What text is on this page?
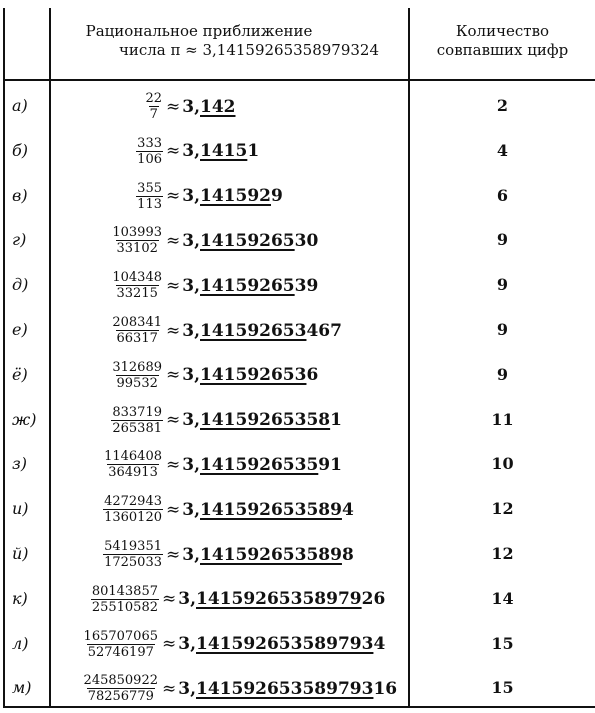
Рациональное приближение
числа π ≈ 3,14159265358979324
Количество
совпавших цифр
а)	$\frac{22}{7} \approx 3,142$	2
б)	$\frac{333}{106} \approx 3,14151$	4
в)	$\frac{355}{113} \approx 3,1415929$	6
г)	$\frac{103993}{33102} \approx 3,1415926530$	9
д)	$\frac{104348}{33215} \approx 3,1415926539$	9
е)	$\frac{208341}{66317} \approx 3,141592653467$	9
ё)	$\frac{312689}{99532} \approx 3,1415926536$	9
ж)	$\frac{833719}{265381} \approx 3,141592653581$	11
з)	$\frac{1146408}{364913} \approx 3,141592653591$	10
и)	$\frac{4272943}{1360120} \approx 3,1415926535894$	12
й)	$\frac{5419351}{1725033} \approx 3,1415926535898$	12
к)	$\frac{80143857}{25510582} \approx 3,1415926535897926$	14
л)	$\frac{165707065}{52746197} \approx 3,1415926535897934$	15
м)	$\frac{245850922}{78256779} \approx 3,14159265358979316$	15
